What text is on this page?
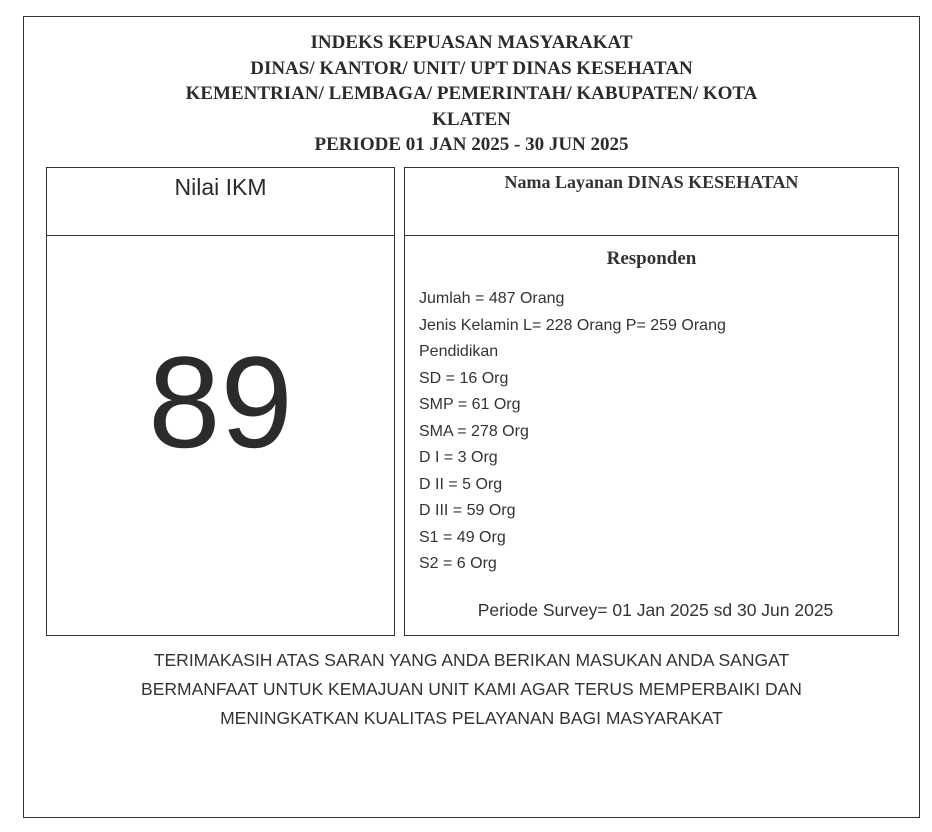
INDEKS KEPUASAN MASYARAKAT
DINAS/ KANTOR/ UNIT/ UPT DINAS KESEHATAN
KEMENTRIAN/ LEMBAGA/ PEMERINTAH/ KABUPATEN/ KOTA
KLATEN
PERIODE 01 JAN 2025 - 30 JUN 2025
Nilai IKM
89
Nama Layanan DINAS KESEHATAN
Responden
Jumlah = 487 Orang
Jenis Kelamin L= 228 Orang P= 259 Orang
Pendidikan
SD = 16 Org
SMP = 61 Org
SMA = 278 Org
D I = 3 Org
D II = 5 Org
D III = 59 Org
S1 = 49 Org
S2 = 6 Org
Periode Survey= 01 Jan 2025 sd 30 Jun 2025
TERIMAKASIH ATAS SARAN YANG ANDA BERIKAN MASUKAN ANDA SANGAT
BERMANFAAT UNTUK KEMAJUAN UNIT KAMI AGAR TERUS MEMPERBAIKI DAN
MENINGKATKAN KUALITAS PELAYANAN BAGI MASYARAKAT
